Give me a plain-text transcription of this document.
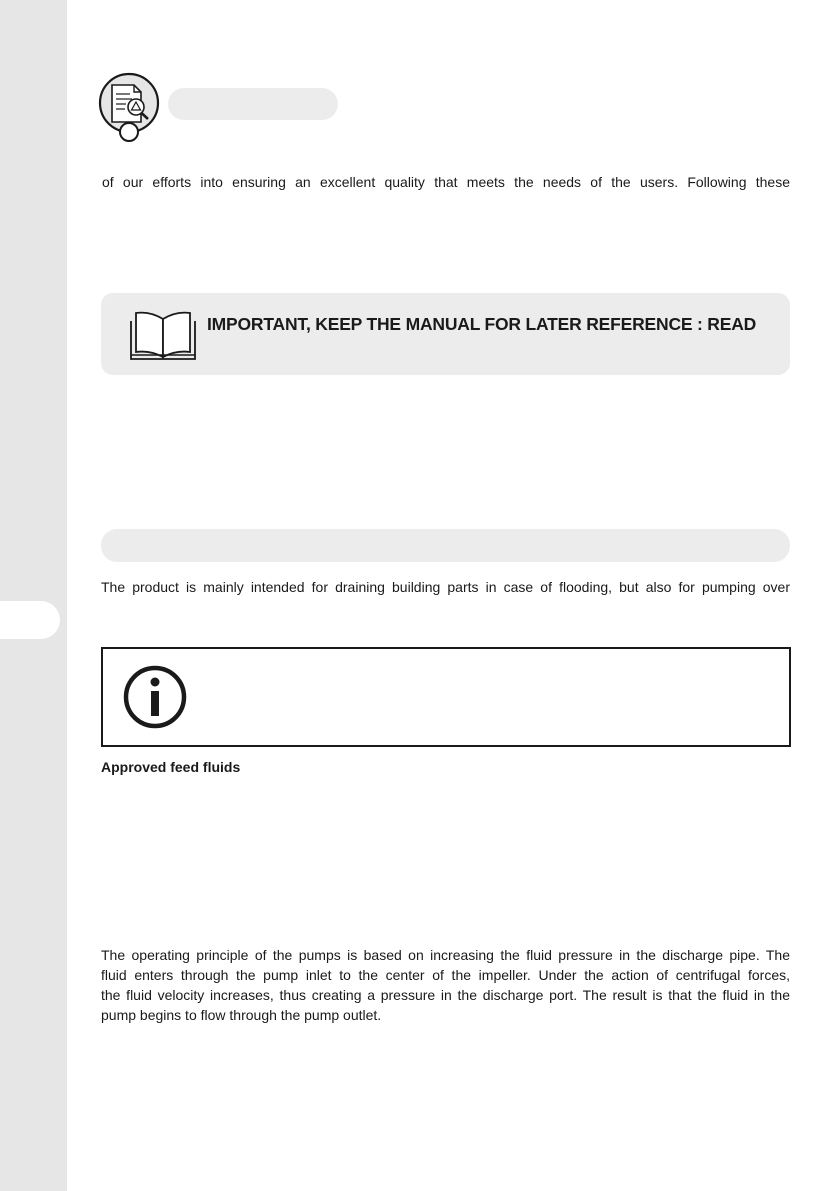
of our efforts into ensuring an excellent quality that meets the needs of the users. Following these

IMPORTANT, KEEP THE MANUAL FOR LATER REFERENCE : READ

The product is mainly intended for draining building parts in case of flooding, but also for pumping over

Approved feed fluids

The operating principle of the pumps is based on increasing the fluid pressure in the discharge pipe. The
fluid enters through the pump inlet to the center of the impeller. Under the action of centrifugal forces,
the fluid velocity increases, thus creating a pressure in the discharge port. The result is that the fluid in the
pump begins to flow through the pump outlet.
